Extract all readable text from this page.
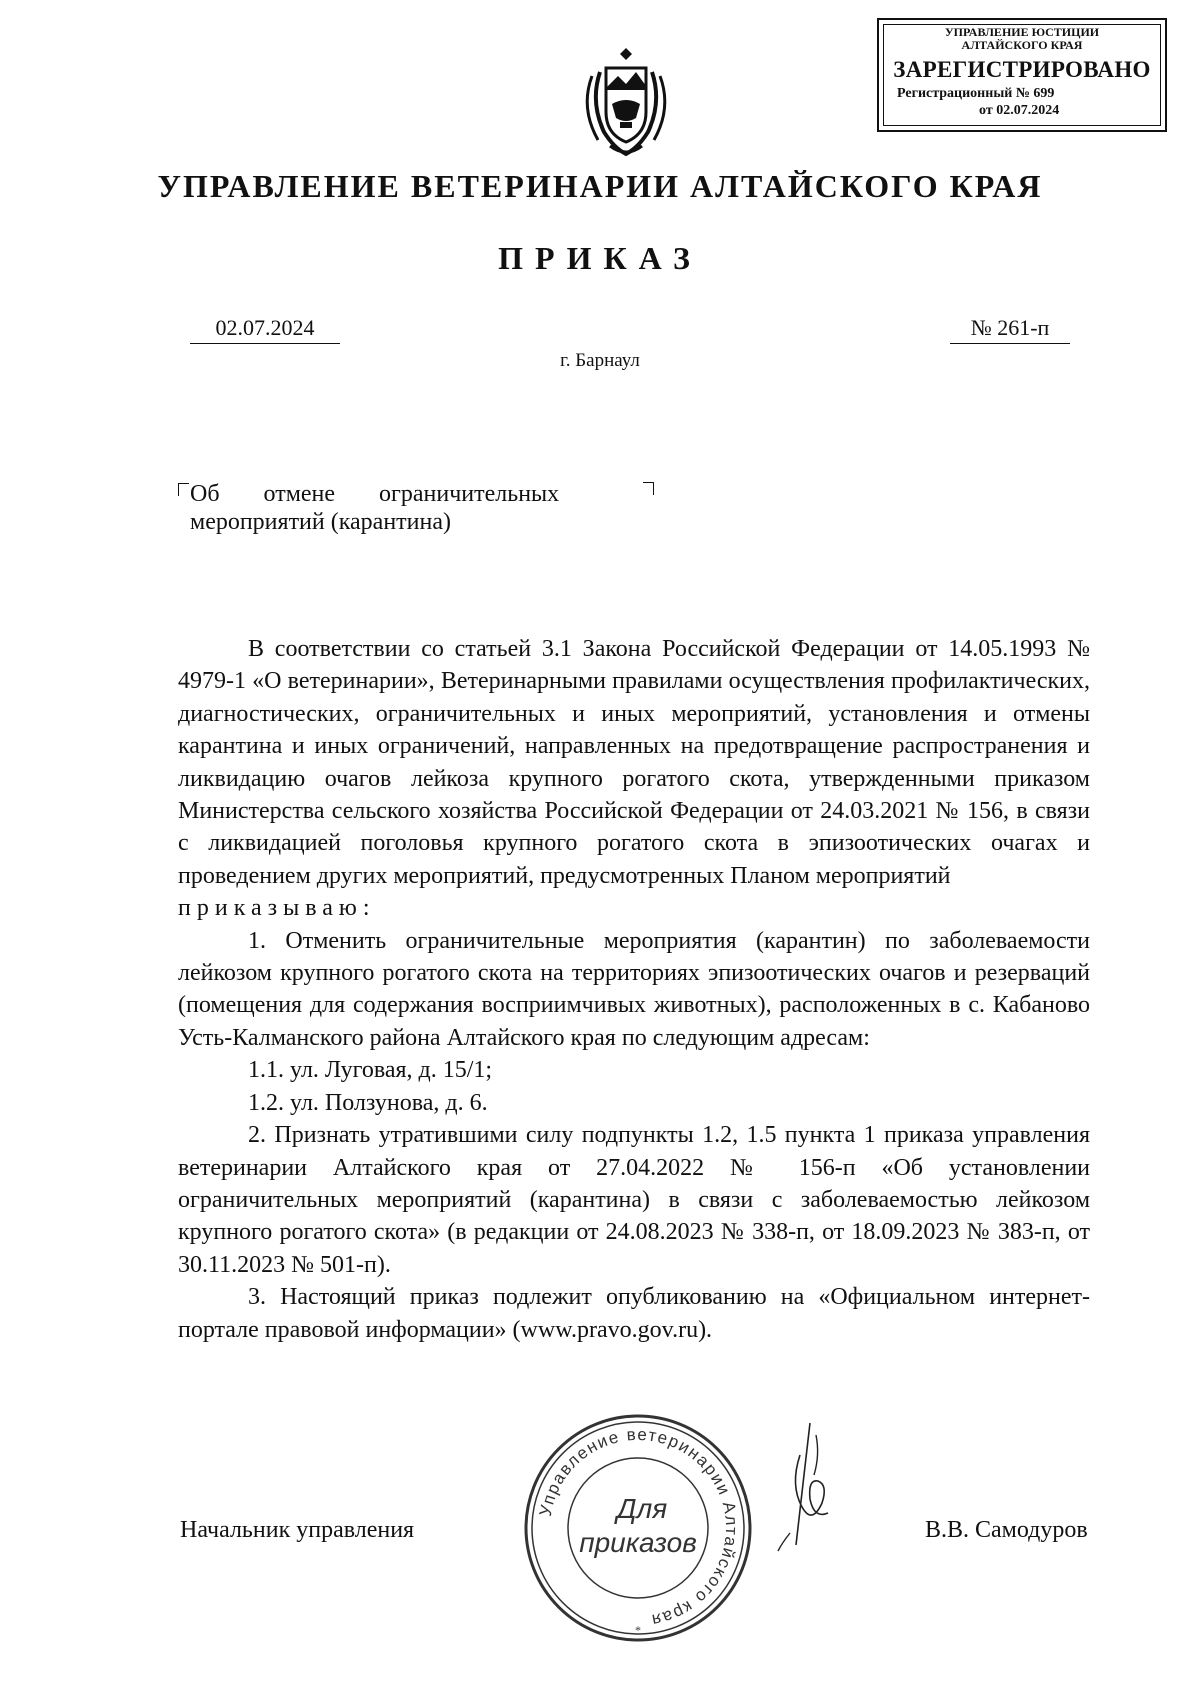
УПРАВЛЕНИЕ ЮСТИЦИИ
АЛТАЙСКОГО КРАЯ
ЗАРЕГИСТРИРОВАНО
Регистрационный № 699
от 02.07.2024
УПРАВЛЕНИЕ ВЕТЕРИНАРИИ АЛТАЙСКОГО КРАЯ
ПРИКАЗ
02.07.2024	№ 261-п
г. Барнаул
Об отмене ограничительных
мероприятий (карантина)

В соответствии со статьей 3.1 Закона Российской Федерации от 14.05.1993 № 4979-1 «О ветеринарии», Ветеринарными правилами осуществления профилактических, диагностических, ограничительных и иных мероприятий, установления и отмены карантина и иных ограничений, направленных на предотвращение распространения и ликвидацию очагов лейкоза крупного рогатого скота, утвержденными приказом Министерства сельского хозяйства Российской Федерации от 24.03.2021 № 156, в связи с ликвидацией поголовья крупного рогатого скота в эпизоотических очагах и проведением других мероприятий, предусмотренных Планом мероприятий

приказываю:

1. Отменить ограничительные мероприятия (карантин) по заболеваемости лейкозом крупного рогатого скота на территориях эпизоотических очагов и резерваций (помещения для содержания восприимчивых животных), расположенных в с. Кабаново Усть-Калманского района Алтайского края по следующим адресам:

1.1. ул. Луговая, д. 15/1;

1.2. ул. Ползунова, д. 6.

2. Признать утратившими силу подпункты 1.2, 1.5 пункта 1 приказа управления ветеринарии Алтайского края от 27.04.2022 № 156-п «Об установлении ограничительных мероприятий (карантина) в связи с заболеваемостью лейкозом крупного рогатого скота» (в редакции от 24.08.2023 № 338-п, от 18.09.2023 № 383-п, от 30.11.2023 № 501-п).

3. Настоящий приказ подлежит опубликованию на «Официальном интернет-портале правовой информации» (www.pravo.gov.ru).

Начальник управления	В.В. Самодуров
Управление ветеринарии Алтайского края
Для
приказов
*
